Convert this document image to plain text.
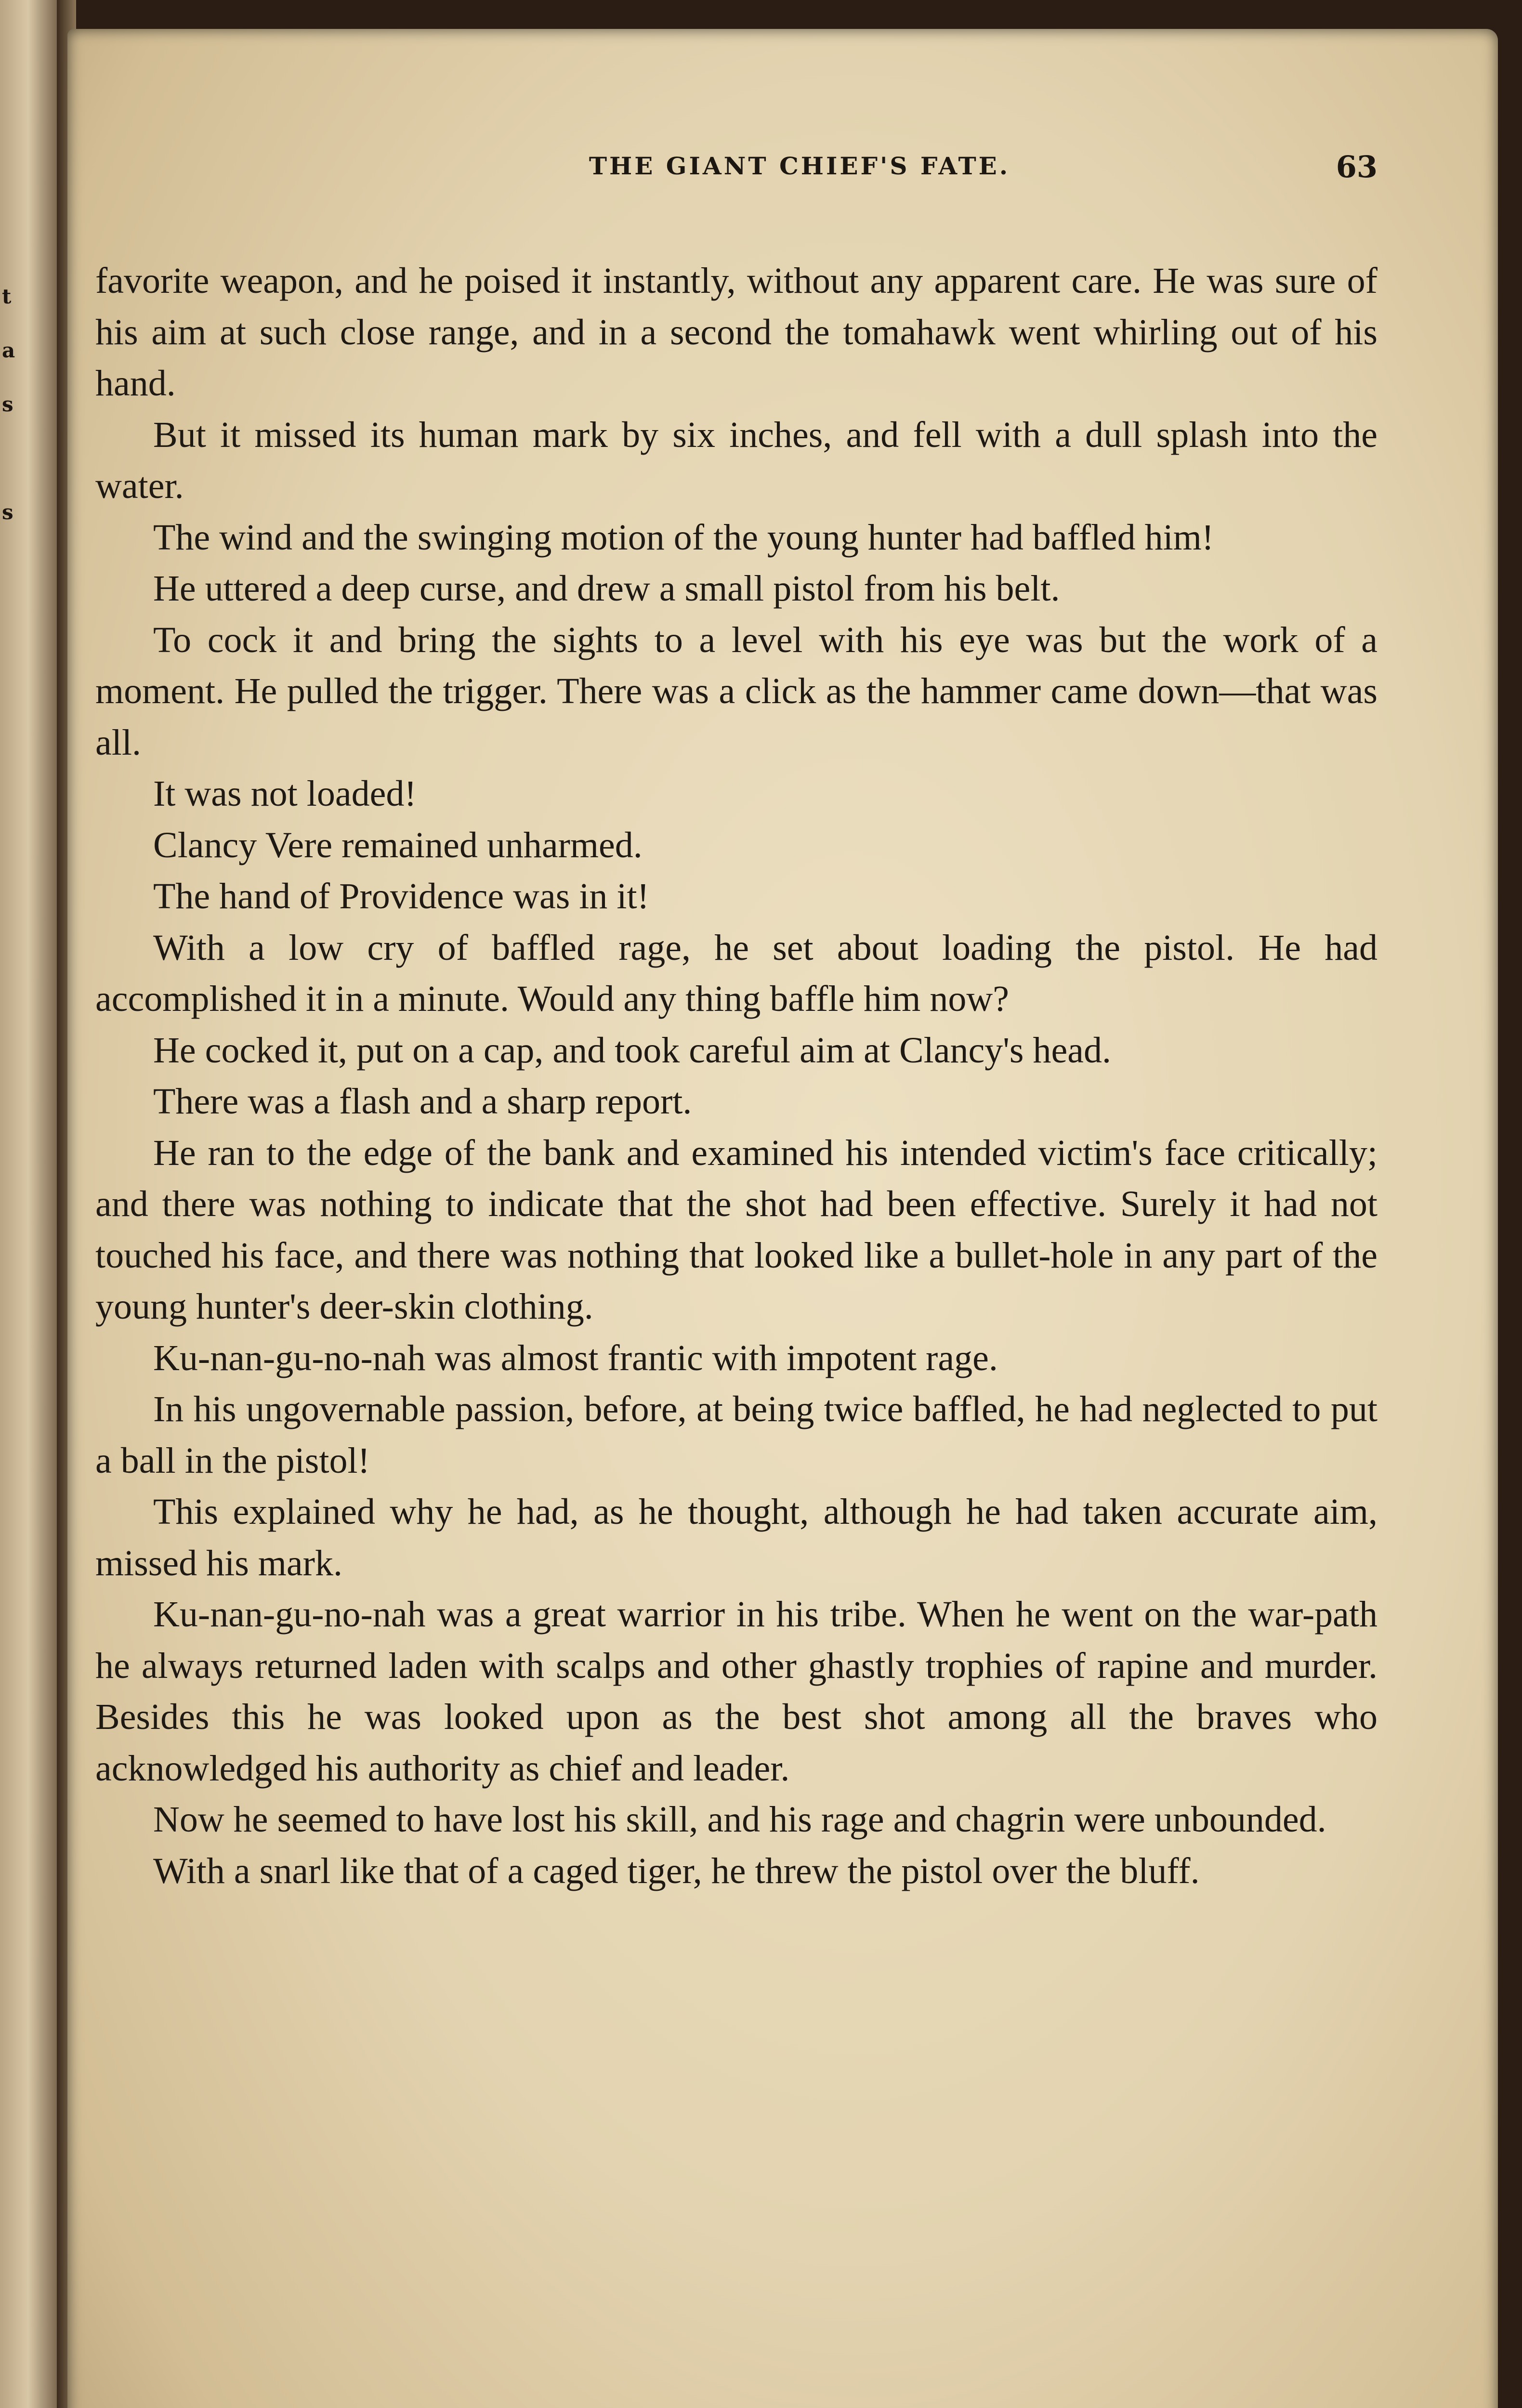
t
a
s
s
THE GIANT CHIEF'S FATE.	63

favorite weapon, and he poised it instantly, without any apparent care. He was sure of his aim at such close range, and in a second the tomahawk went whirling out of his hand.

But it missed its human mark by six inches, and fell with a dull splash into the water.

The wind and the swinging motion of the young hunter had baffled him!

He uttered a deep curse, and drew a small pistol from his belt.

To cock it and bring the sights to a level with his eye was but the work of a moment. He pulled the trigger. There was a click as the hammer came down—that was all.

It was not loaded!

Clancy Vere remained unharmed.

The hand of Providence was in it!

With a low cry of baffled rage, he set about loading the pistol. He had accomplished it in a minute. Would any thing baffle him now?

He cocked it, put on a cap, and took careful aim at Clancy's head.

There was a flash and a sharp report.

He ran to the edge of the bank and examined his intended victim's face critically; and there was nothing to indicate that the shot had been effective. Surely it had not touched his face, and there was nothing that looked like a bullet-hole in any part of the young hunter's deer-skin clothing.

Ku-nan-gu-no-nah was almost frantic with impotent rage.

In his ungovernable passion, before, at being twice baffled, he had neglected to put a ball in the pistol!

This explained why he had, as he thought, although he had taken accurate aim, missed his mark.

Ku-nan-gu-no-nah was a great warrior in his tribe. When he went on the war-path he always returned laden with scalps and other ghastly trophies of rapine and murder. Besides this he was looked upon as the best shot among all the braves who acknowledged his authority as chief and leader.

Now he seemed to have lost his skill, and his rage and chagrin were unbounded.

With a snarl like that of a caged tiger, he threw the pistol over the bluff.
